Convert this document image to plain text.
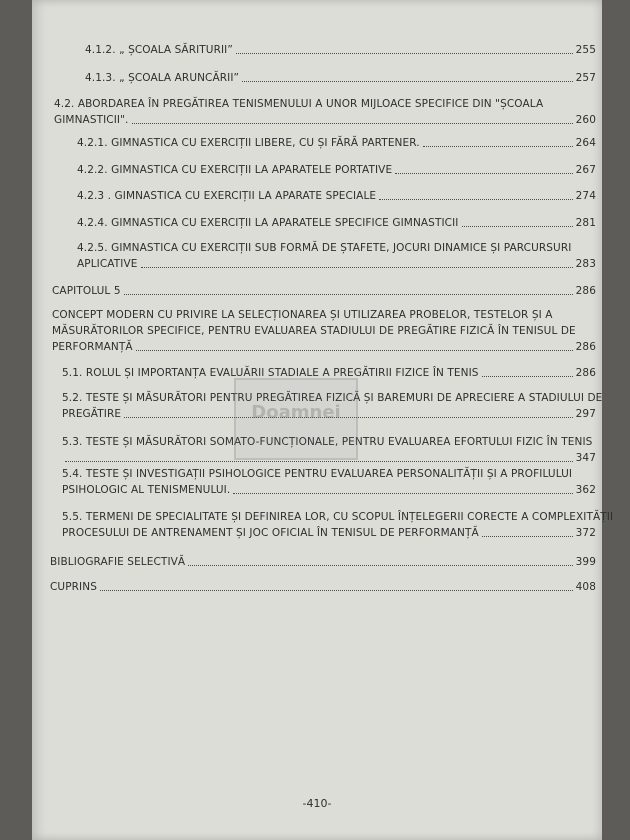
4.1.2. „ ȘCOALA SĂRITURII”	255
4.1.3. „ ȘCOALA ARUNCĂRII”	257
4.2. ABORDAREA ÎN PREGĂTIREA TENISMENULUI A UNOR MIJLOACE SPECIFICE DIN "ȘCOALA
GIMNASTICII".	260
4.2.1. GIMNASTICA CU EXERCIȚII LIBERE, CU ȘI FĂRĂ PARTENER.	264
4.2.2. GIMNASTICA CU EXERCIȚII LA APARATELE PORTATIVE	267
4.2.3 . GIMNASTICA CU EXERCIȚII LA APARATE SPECIALE	274
4.2.4. GIMNASTICA CU EXERCIȚII LA APARATELE SPECIFICE GIMNASTICII	281
4.2.5. GIMNASTICA CU EXERCIȚII SUB FORMĂ DE ȘTAFETE, JOCURI DINAMICE ȘI PARCURSURI
APLICATIVE	283
CAPITOLUL 5	286
CONCEPT MODERN CU PRIVIRE LA SELECȚIONAREA ȘI UTILIZAREA PROBELOR, TESTELOR ȘI A
MĂSURĂTORILOR SPECIFICE, PENTRU EVALUAREA STADIULUI DE PREGĂTIRE FIZICĂ ÎN TENISUL DE
PERFORMANȚĂ	286
5.1. ROLUL ȘI IMPORTANȚA EVALUĂRII STADIALE A PREGĂTIRII FIZICE ÎN TENIS	286
5.2. TESTE ȘI MĂSURĂTORI PENTRU PREGĂTIREA FIZICĂ ȘI BAREMURI DE APRECIERE A STADIULUI DE
PREGĂTIRE	297
5.3. TESTE ȘI MĂSURĂTORI SOMATO-FUNCȚIONALE, PENTRU EVALUAREA EFORTULUI FIZIC ÎN TENIS
347
5.4. TESTE ȘI INVESTIGAȚII PSIHOLOGICE PENTRU EVALUAREA PERSONALITĂȚII ȘI A PROFILULUI
PSIHOLOGIC AL TENISMENULUI.	362
5.5. TERMENI DE SPECIALITATE ȘI DEFINIREA LOR, CU SCOPUL ÎNȚELEGERII CORECTE A COMPLEXITĂȚII
PROCESULUI DE ANTRENAMENT ȘI JOC OFICIAL ÎN TENISUL DE PERFORMANȚĂ	372
BIBLIOGRAFIE SELECTIVĂ	399
CUPRINS	408
Doamnei
-410-
